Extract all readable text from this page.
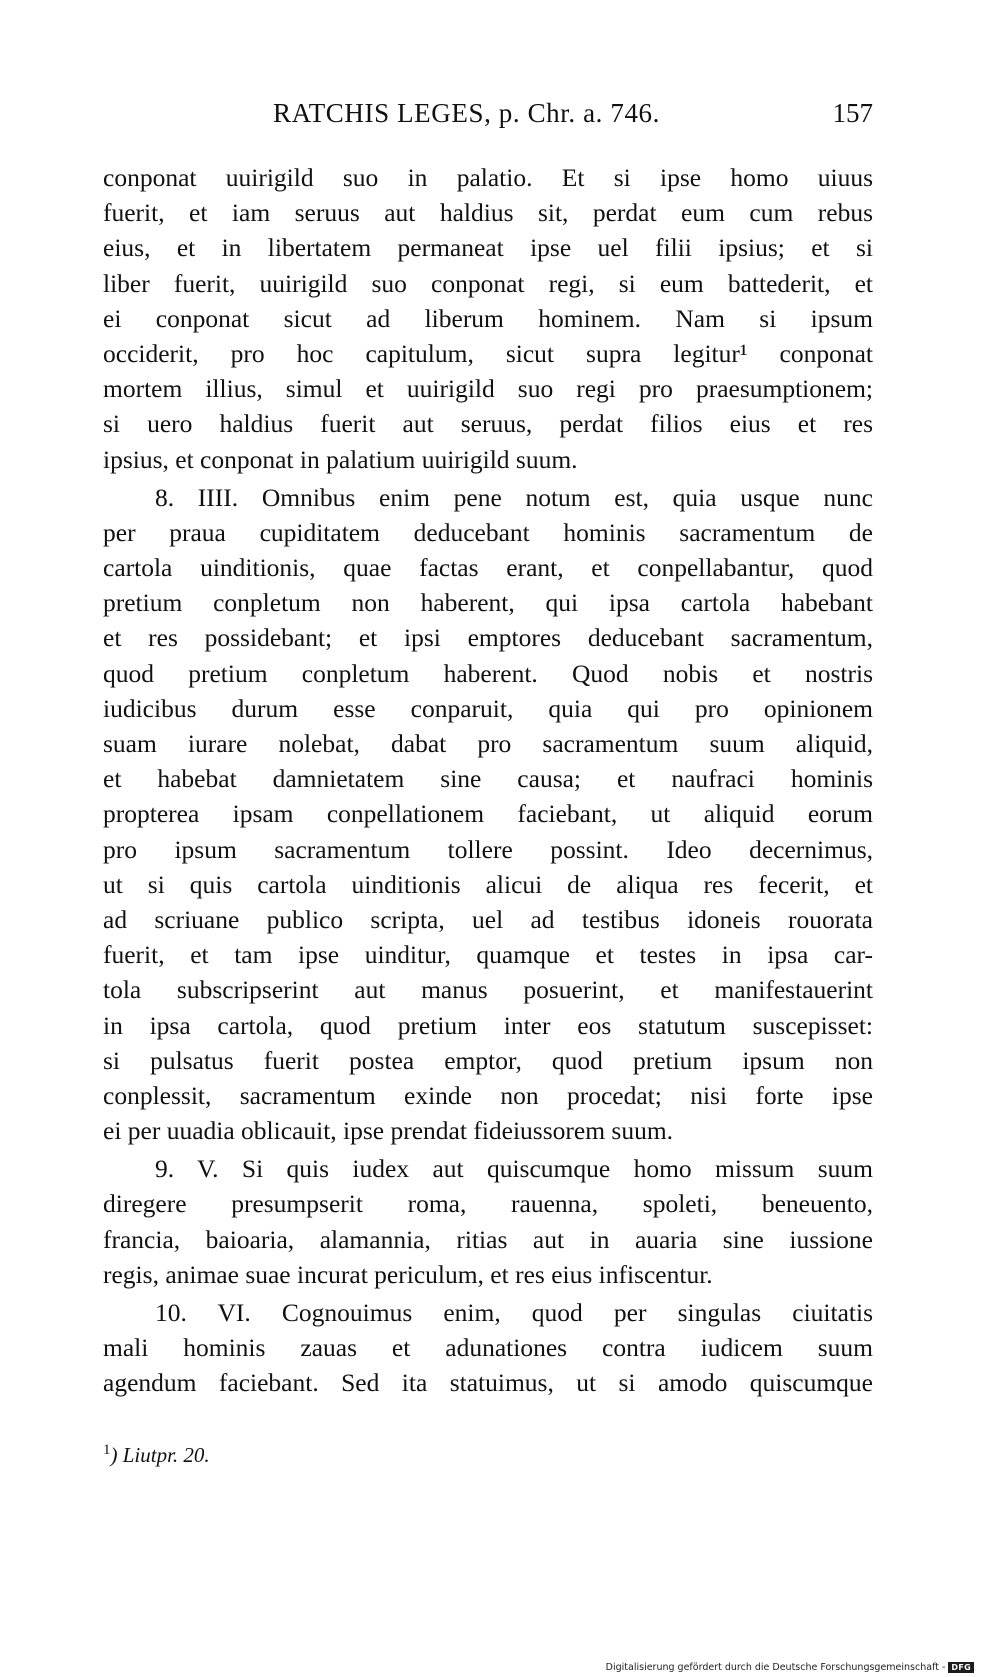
RATCHIS LEGES, p. Chr. a. 746.	157
conponat uuirigild suo in palatio. Et si ipse homo uiuus
fuerit, et iam seruus aut haldius sit, perdat eum cum rebus
eius, et in libertatem permaneat ipse uel filii ipsius; et si
liber fuerit, uuirigild suo conponat regi, si eum battederit, et
ei conponat sicut ad liberum hominem. Nam si ipsum
occiderit, pro hoc capitulum, sicut supra legitur¹ conponat
mortem illius, simul et uuirigild suo regi pro praesumptionem;
si uero haldius fuerit aut seruus, perdat filios eius et res
ipsius, et conponat in palatium uuirigild suum.
8. IIII. Omnibus enim pene notum est, quia usque nunc
per praua cupiditatem deducebant hominis sacramentum de
cartola uinditionis, quae factas erant, et conpellabantur, quod
pretium conpletum non haberent, qui ipsa cartola habebant
et res possidebant; et ipsi emptores deducebant sacramentum,
quod pretium conpletum haberent. Quod nobis et nostris
iudicibus durum esse conparuit, quia qui pro opinionem
suam iurare nolebat, dabat pro sacramentum suum aliquid,
et habebat damnietatem sine causa; et naufraci hominis
propterea ipsam conpellationem faciebant, ut aliquid eorum
pro ipsum sacramentum tollere possint. Ideo decernimus,
ut si quis cartola uinditionis alicui de aliqua res fecerit, et
ad scriuane publico scripta, uel ad testibus idoneis rouorata
fuerit, et tam ipse uinditur, quamque et testes in ipsa car-
tola subscripserint aut manus posuerint, et manifestauerint
in ipsa cartola, quod pretium inter eos statutum suscepisset:
si pulsatus fuerit postea emptor, quod pretium ipsum non
conplessit, sacramentum exinde non procedat; nisi forte ipse
ei per uuadia oblicauit, ipse prendat fideiussorem suum.
9. V. Si quis iudex aut quiscumque homo missum suum
diregere presumpserit roma, rauenna, spoleti, beneuento,
francia, baioaria, alamannia, ritias aut in auaria sine iussione
regis, animae suae incurat periculum, et res eius infiscentur.
10. VI. Cognouimus enim, quod per singulas ciuitatis
mali hominis zauas et adunationes contra iudicem suum
agendum faciebant. Sed ita statuimus, ut si amodo quiscumque
$^1$) Liutpr. 20.
Digitalisierung gefördert durch die Deutsche Forschungsgemeinschaft - DFG
